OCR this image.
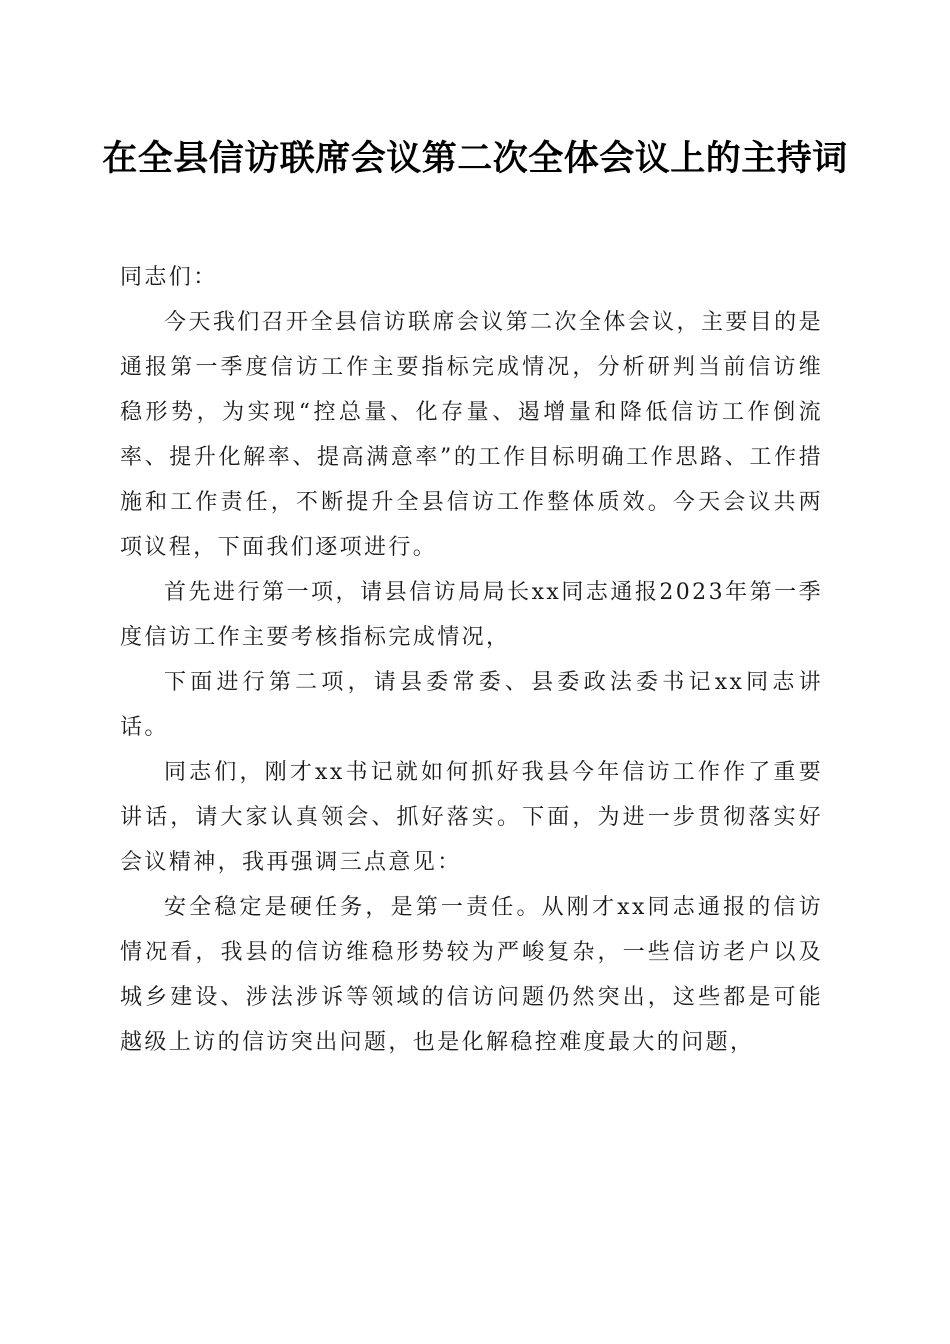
在全县信访联席会议第二次全体会议上的主持词

同志们：

今天我们召开全县信访联席会议第二次全体会议，主要目的是通报第一季度信访工作主要指标完成情况，分析研判当前信访维稳形势，为实现“控总量、化存量、遏增量和降低信访工作倒流率、提升化解率、提高满意率”的工作目标明确工作思路、工作措施和工作责任，不断提升全县信访工作整体质效。今天会议共两项议程，下面我们逐项进行。

首先进行第一项，请县信访局局长xx同志通报2023年第一季度信访工作主要考核指标完成情况，

下面进行第二项，请县委常委、县委政法委书记xx同志讲话。

同志们，刚才xx书记就如何抓好我县今年信访工作作了重要讲话，请大家认真领会、抓好落实。下面，为进一步贯彻落实好会议精神，我再强调三点意见：

安全稳定是硬任务，是第一责任。从刚才xx同志通报的信访情况看，我县的信访维稳形势较为严峻复杂，一些信访老户以及城乡建设、涉法涉诉等领域的信访问题仍然突出，这些都是可能越级上访的信访突出问题，也是化解稳控难度最大的问题，
